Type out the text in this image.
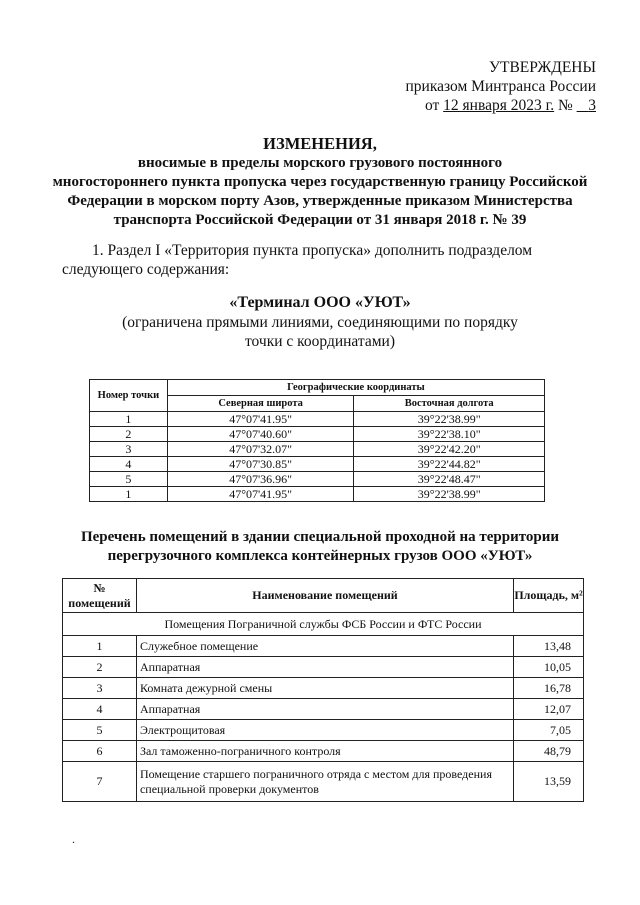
УТВЕРЖДЕНЫ
приказом Минтранса России
от 12 января 2023 г. № 3
ИЗМЕНЕНИЯ,
вносимые в пределы морского грузового постоянного
многостороннего пункта пропуска через государственную границу Российской
Федерации в морском порту Азов, утвержденные приказом Министерства
транспорта Российской Федерации от 31 января 2018 г. № 39
1. Раздел I «Территория пункта пропуска» дополнить подразделом следующего содержания:
«Терминал ООО «УЮТ»
(ограничена прямыми линиями, соединяющими по порядку
точки с координатами)
Номер точки	Географические координаты	
	Северная широта	Восточная долгота
1	47°07'41.95"	39°22'38.99"
2	47°07'40.60"	39°22'38.10"
3	47°07'32.07"	39°22'42.20"
4	47°07'30.85"	39°22'44.82"
5	47°07'36.96"	39°22'48.47"
1	47°07'41.95"	39°22'38.99"
Перечень помещений в здании специальной проходной на территории
перегрузочного комплекса контейнерных грузов ООО «УЮТ»
№ помещений	Наименование помещений	Площадь, м²
Помещения Пограничной службы ФСБ России и ФТС России		
1	Служебное помещение	13,48
2	Аппаратная	10,05
3	Комната дежурной смены	16,78
4	Аппаратная	12,07
5	Электрощитовая	7,05
6	Зал таможенно-пограничного контроля	48,79
7	Помещение старшего пограничного отряда с местом для проведения специальной проверки документов	13,59
.
